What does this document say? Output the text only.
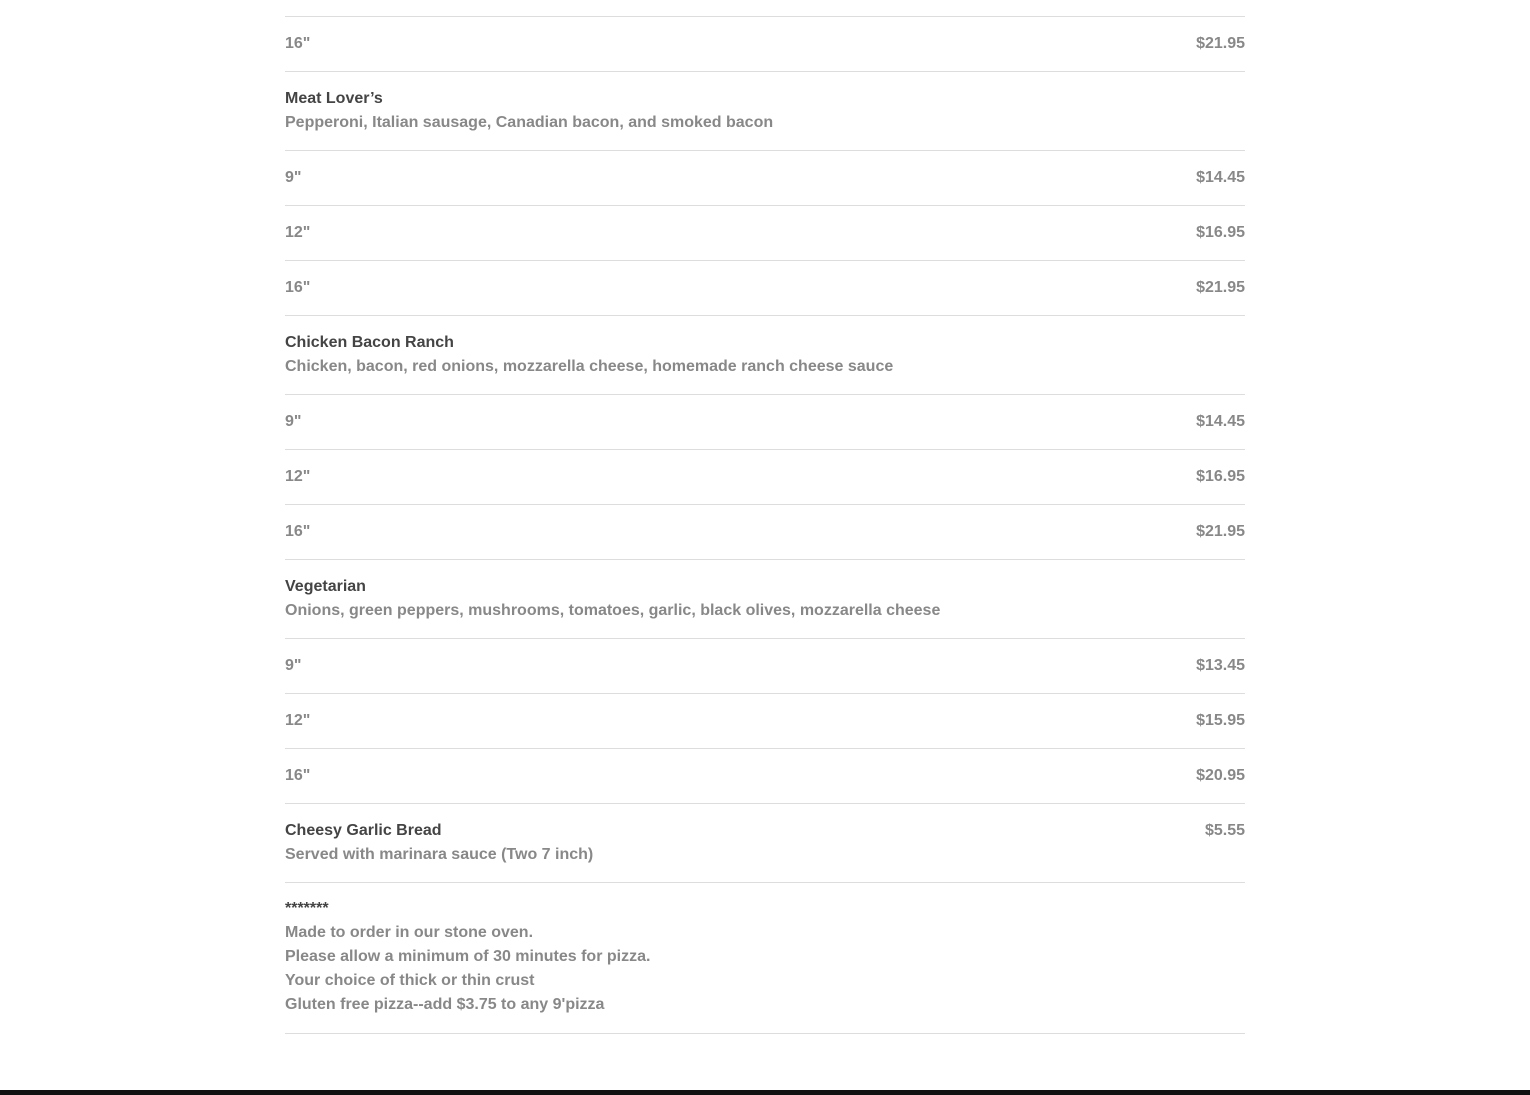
16"	$21.95
Meat Lover’s
Pepperoni, Italian sausage, Canadian bacon, and smoked bacon
9"	$14.45
12"	$16.95
16"	$21.95
Chicken Bacon Ranch
Chicken, bacon, red onions, mozzarella cheese, homemade ranch cheese sauce
9"	$14.45
12"	$16.95
16"	$21.95
Vegetarian
Onions, green peppers, mushrooms, tomatoes, garlic, black olives, mozzarella cheese
9"	$13.45
12"	$15.95
16"	$20.95
Cheesy Garlic Bread
Served with marinara sauce (Two 7 inch)
$5.55
*******
Made to order in our stone oven.
Please allow a minimum of 30 minutes for pizza.
Your choice of thick or thin crust
Gluten free pizza--add $3.75 to any 9'pizza
